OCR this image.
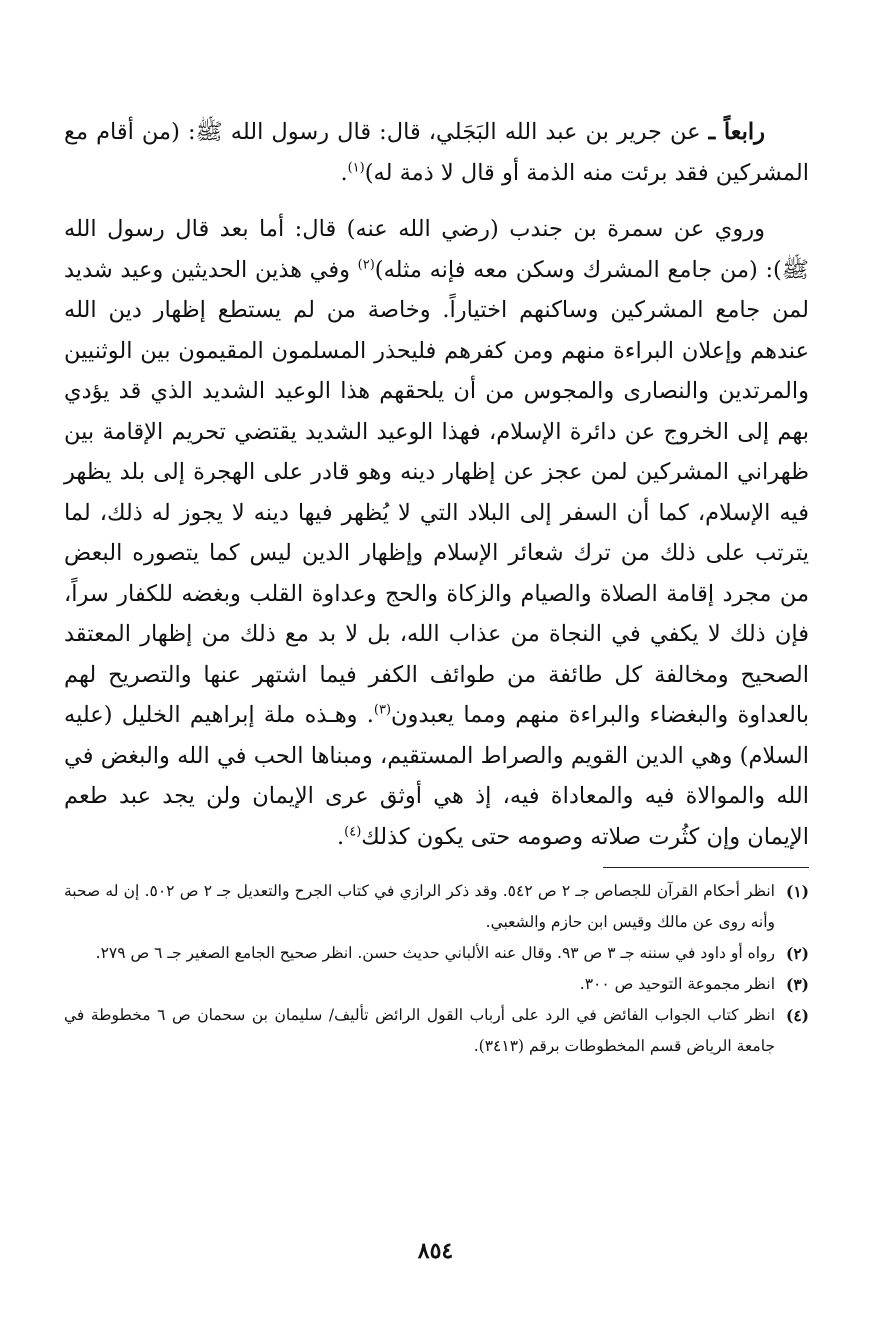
رابعاً ـ عن جرير بن عبد الله البَجَلي، قال: قال رسول الله ﷺ: (من أقام مع المشركين فقد برئت منه الذمة أو قال لا ذمة له)$^{(١)}$.

وروي عن سمرة بن جندب (رضي الله عنه) قال: أما بعد قال رسول الله ﷺ): (من جامع المشرك وسكن معه فإنه مثله)$^{(٢)}$ وفي هذين الحديثين وعيد شديد لمن جامع المشركين وساكنهم اختياراً. وخاصة من لم يستطع إظهار دين الله عندهم وإعلان البراءة منهم ومن كفرهم فليحذر المسلمون المقيمون بين الوثنيين والمرتدين والنصارى والمجوس من أن يلحقهم هذا الوعيد الشديد الذي قد يؤدي بهم إلى الخروج عن دائرة الإسلام، فهذا الوعيد الشديد يقتضي تحريم الإقامة بين ظهراني المشركين لمن عجز عن إظهار دينه وهو قادر على الهجرة إلى بلد يظهر فيه الإسلام، كما أن السفر إلى البلاد التي لا يُظهر فيها دينه لا يجوز له ذلك، لما يترتب على ذلك من ترك شعائر الإسلام وإظهار الدين ليس كما يتصوره البعض من مجرد إقامة الصلاة والصيام والزكاة والحج وعداوة القلب وبغضه للكفار سراً، فإن ذلك لا يكفي في النجاة من عذاب الله، بل لا بد مع ذلك من إظهار المعتقد الصحيح ومخالفة كل طائفة من طوائف الكفر فيما اشتهر عنها والتصريح لهم بالعداوة والبغضاء والبراءة منهم ومما يعبدون$^{(٣)}$. وهـذه ملة إبراهيم الخليل (عليه السلام) وهي الدين القويم والصراط المستقيم، ومبناها الحب في الله والبغض في الله والموالاة فيه والمعاداة فيه، إذ هي أوثق عرى الإيمان ولن يجد عبد طعم الإيمان وإن كثُرت صلاته وصومه حتى يكون كذلك$^{(٤)}$.

(١)
انظر أحكام القرآن للجصاص جـ ٢ ص ٥٤٢. وقد ذكر الرازي في كتاب الجرح والتعديل جـ ٢ ص ٥٠٢. إن له صحبة وأنه روى عن مالك وقيس ابن حازم والشعبي.

(٢)
رواه أو داود في سننه جـ ٣ ص ٩٣. وقال عنه الألباني حديث حسن. انظر صحيح الجامع الصغير جـ ٦ ص ٢٧٩.

(٣)
انظر مجموعة التوحيد ص ٣٠٠.

(٤)
انظر كتاب الجواب الفائض في الرد على أرباب القول الرائض تأليف/ سليمان بن سحمان ص ٦ مخطوطة في جامعة الرياض قسم المخطوطات برقم (٣٤١٣).

٨٥٤
